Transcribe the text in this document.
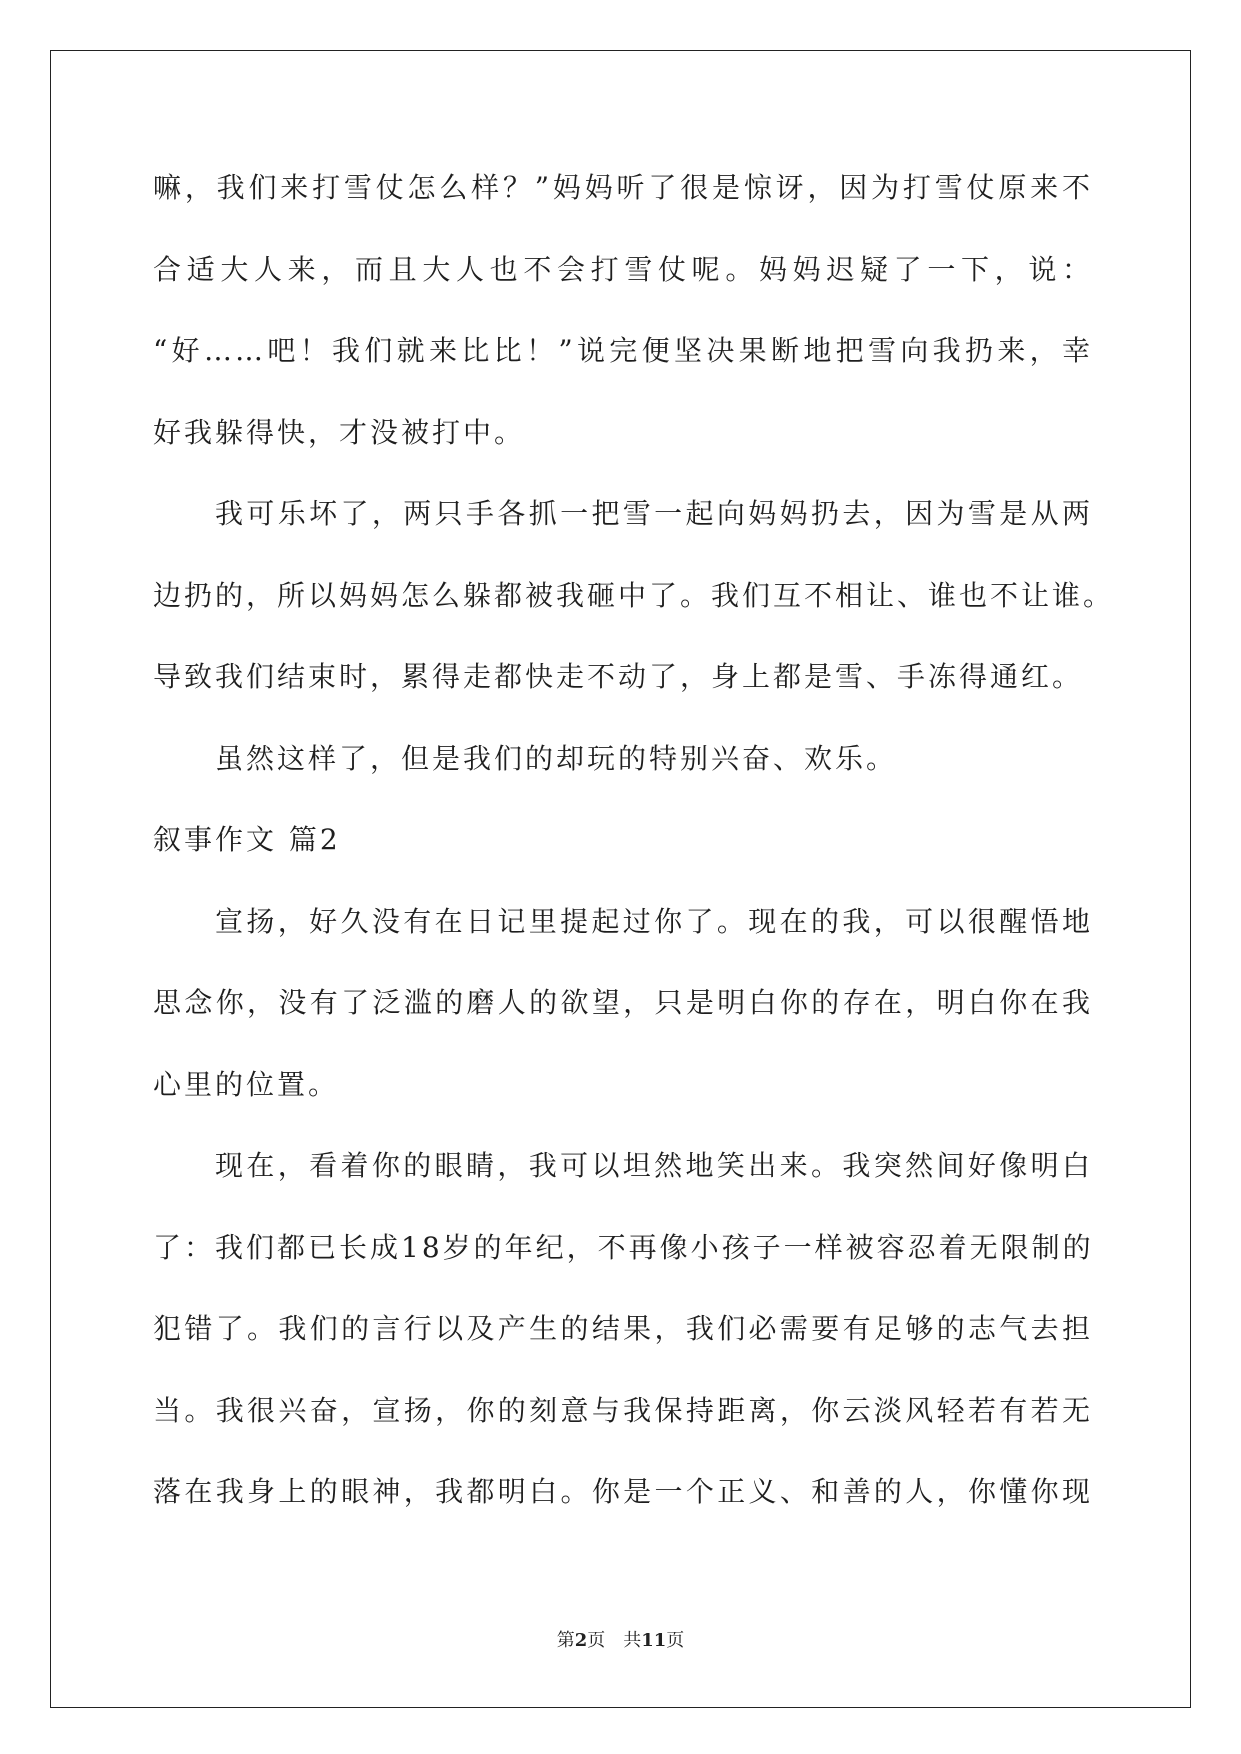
嘛，我们来打雪仗怎么样？”妈妈听了很是惊讶，因为打雪仗原来不
合适大人来，而且大人也不会打雪仗呢。妈妈迟疑了一下，说：
“好……吧！我们就来比比！”说完便坚决果断地把雪向我扔来，幸
好我躲得快，才没被打中。
我可乐坏了，两只手各抓一把雪一起向妈妈扔去，因为雪是从两
边扔的，所以妈妈怎么躲都被我砸中了。我们互不相让、谁也不让谁。
导致我们结束时，累得走都快走不动了，身上都是雪、手冻得通红。
虽然这样了，但是我们的却玩的特别兴奋、欢乐。
叙事作文 篇2
宣扬，好久没有在日记里提起过你了。现在的我，可以很醒悟地
思念你，没有了泛滥的磨人的欲望，只是明白你的存在，明白你在我
心里的位置。
现在，看着你的眼睛，我可以坦然地笑出来。我突然间好像明白
了：我们都已长成18岁的年纪，不再像小孩子一样被容忍着无限制的
犯错了。我们的言行以及产生的结果，我们必需要有足够的志气去担
当。我很兴奋，宣扬，你的刻意与我保持距离，你云淡风轻若有若无
落在我身上的眼神，我都明白。你是一个正义、和善的人，你懂你现
第2页 共11页
